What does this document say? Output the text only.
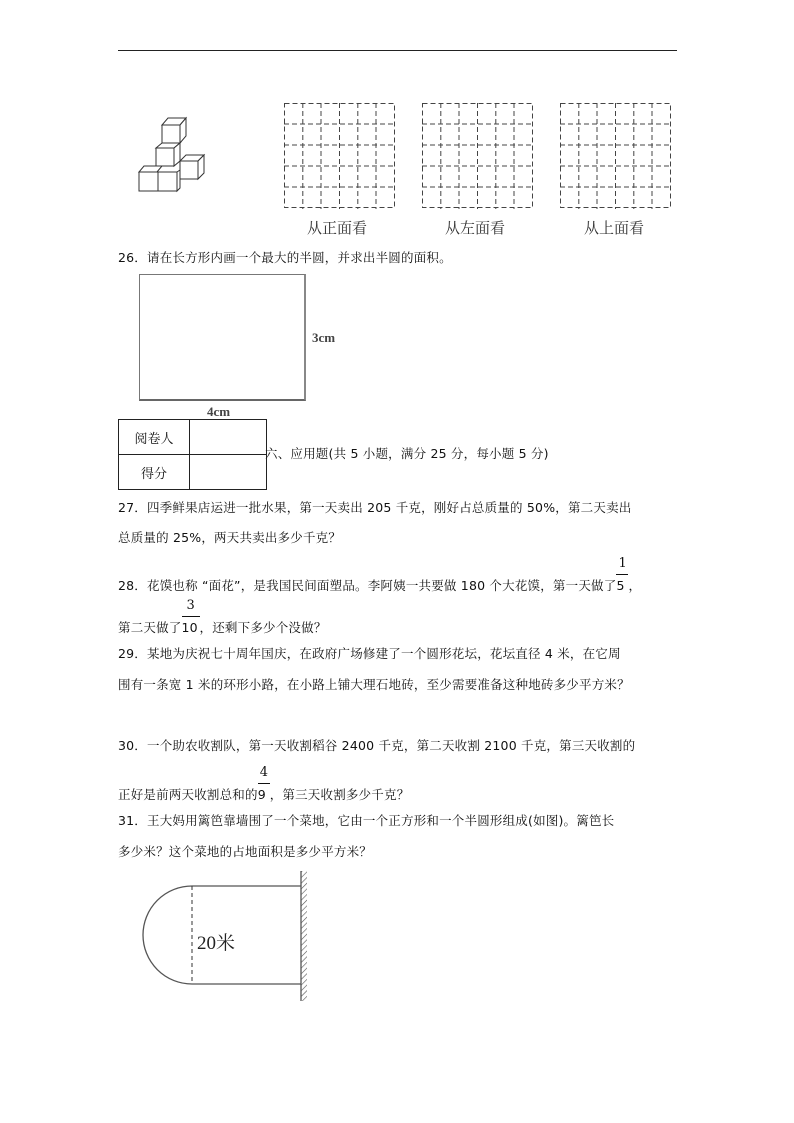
从正面看	从左面看	从上面看
26．请在长方形内画一个最大的半圆，并求出半圆的面积。
3cm
4cm
阅卷人	
得分	
六、应用题(共 5 小题，满分 25 分，每小题 5 分)
27．四季鲜果店运进一批水果，第一天卖出 205 千克，刚好占总质量的 50%，第二天卖出
总质量的 25%，两天共卖出多少千克？
28．花馍也称 “面花”，是我国民间面塑品。李阿姨一共要做 180 个大花馍，第一天做了 $\frac{1}{5}$，
第二天做了 $\frac{3}{10}$，还剩下多少个没做？
29．某地为庆祝七十周年国庆，在政府广场修建了一个圆形花坛，花坛直径 4 米，在它周
围有一条宽 1 米的环形小路，在小路上铺大理石地砖，至少需要准备这种地砖多少平方米？
30．一个助农收割队，第一天收割稻谷 2400 千克，第二天收割 2100 千克，第三天收割的
正好是前两天收割总和的 $\frac{4}{9}$，第三天收割多少千克？
31．王大妈用篱笆靠墙围了一个菜地，它由一个正方形和一个半圆形组成(如图)。篱笆长
多少米？这个菜地的占地面积是多少平方米？
20米
